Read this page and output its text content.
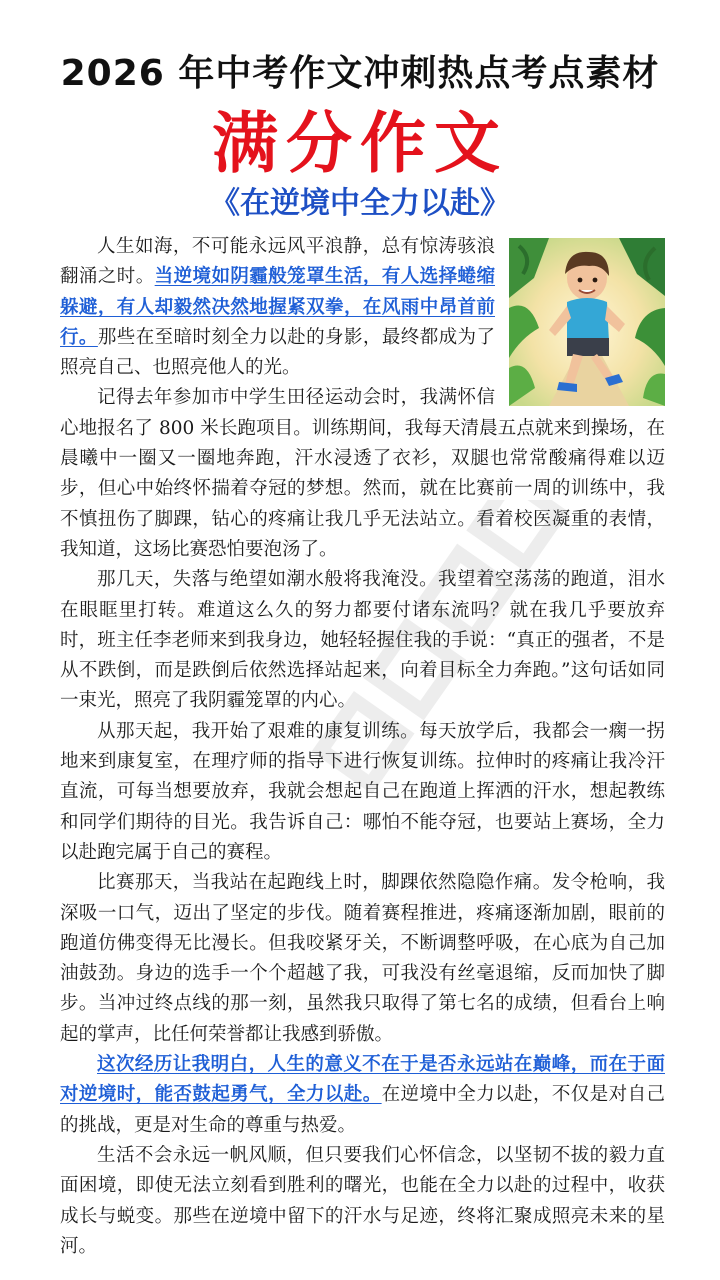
2026 年中考作文冲刺热点考点素材
满分作文
《在逆境中全力以赴》

人生如海，不可能永远风平浪静，总有惊涛骇浪翻涌之时。当逆境如阴霾般笼罩生活，有人选择蜷缩躲避，有人却毅然决然地握紧双拳，在风雨中昂首前行。那些在至暗时刻全力以赴的身影，最终都成为了照亮自己、也照亮他人的光。

记得去年参加市中学生田径运动会时，我满怀信心地报名了 800 米长跑项目。训练期间，我每天清晨五点就来到操场，在晨曦中一圈又一圈地奔跑，汗水浸透了衣衫，双腿也常常酸痛得难以迈步，但心中始终怀揣着夺冠的梦想。然而，就在比赛前一周的训练中，我不慎扭伤了脚踝，钻心的疼痛让我几乎无法站立。看着校医凝重的表情，我知道，这场比赛恐怕要泡汤了。

那几天，失落与绝望如潮水般将我淹没。我望着空荡荡的跑道，泪水在眼眶里打转。难道这么久的努力都要付诸东流吗？就在我几乎要放弃时，班主任李老师来到我身边，她轻轻握住我的手说：“真正的强者，不是从不跌倒，而是跌倒后依然选择站起来，向着目标全力奔跑。”这句话如同一束光，照亮了我阴霾笼罩的内心。

从那天起，我开始了艰难的康复训练。每天放学后，我都会一瘸一拐地来到康复室，在理疗师的指导下进行恢复训练。拉伸时的疼痛让我冷汗直流，可每当想要放弃，我就会想起自己在跑道上挥洒的汗水，想起教练和同学们期待的目光。我告诉自己：哪怕不能夺冠，也要站上赛场，全力以赴跑完属于自己的赛程。

比赛那天，当我站在起跑线上时，脚踝依然隐隐作痛。发令枪响，我深吸一口气，迈出了坚定的步伐。随着赛程推进，疼痛逐渐加剧，眼前的跑道仿佛变得无比漫长。但我咬紧牙关，不断调整呼吸，在心底为自己加油鼓劲。身边的选手一个个超越了我，可我没有丝毫退缩，反而加快了脚步。当冲过终点线的那一刻，虽然我只取得了第七名的成绩，但看台上响起的掌声，比任何荣誉都让我感到骄傲。

这次经历让我明白，人生的意义不在于是否永远站在巅峰，而在于面对逆境时，能否鼓起勇气，全力以赴。在逆境中全力以赴，不仅是对自己的挑战，更是对生命的尊重与热爱。

生活不会永远一帆风顺，但只要我们心怀信念，以坚韧不拔的毅力直面困境，即使无法立刻看到胜利的曙光，也能在全力以赴的过程中，收获成长与蜕变。那些在逆境中留下的汗水与足迹，终将汇聚成照亮未来的星河。
